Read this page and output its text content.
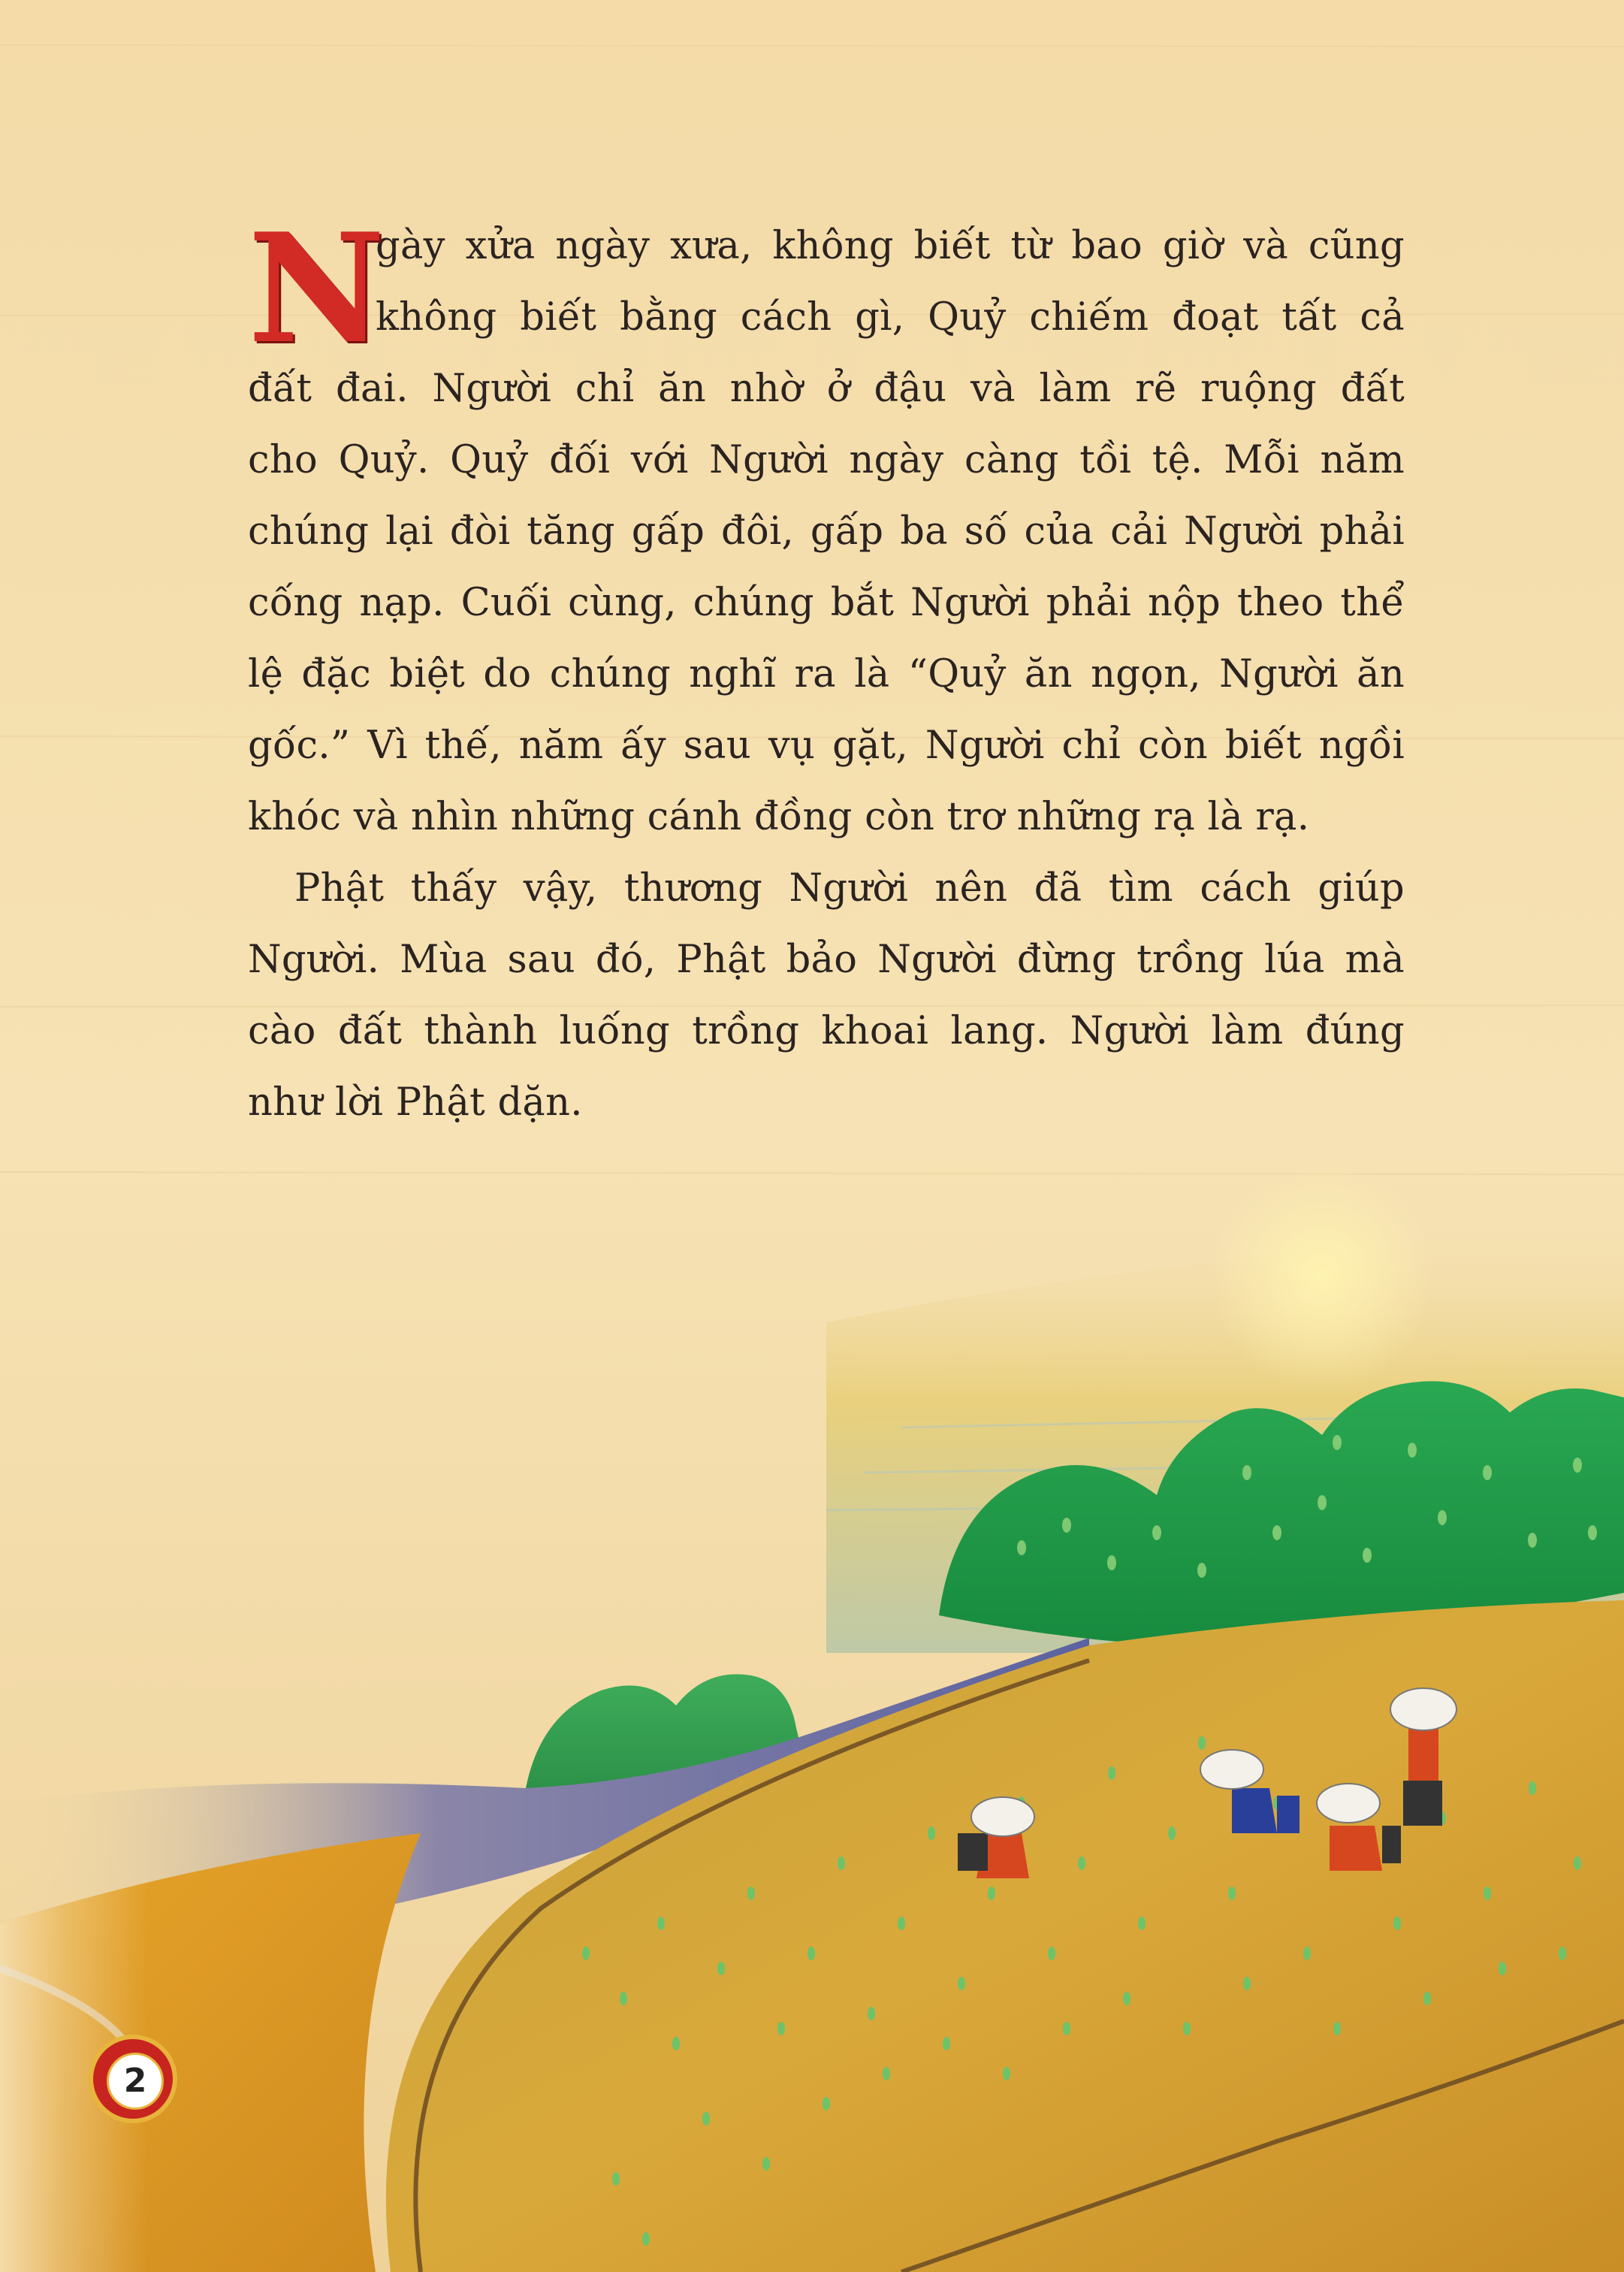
N
gày xửa ngày xưa, không biết từ bao giờ và cũng
không biết bằng cách gì, Quỷ chiếm đoạt tất cả
đất đai. Người chỉ ăn nhờ ở đậu và làm rẽ ruộng đất
cho Quỷ. Quỷ đối với Người ngày càng tồi tệ. Mỗi năm
chúng lại đòi tăng gấp đôi, gấp ba số của cải Người phải
cống nạp. Cuối cùng, chúng bắt Người phải nộp theo thể
lệ đặc biệt do chúng nghĩ ra là “Quỷ ăn ngọn, Người ăn
gốc.” Vì thế, năm ấy sau vụ gặt, Người chỉ còn biết ngồi
khóc và nhìn những cánh đồng còn trơ những rạ là rạ.
Phật thấy vậy, thương Người nên đã tìm cách giúp
Người. Mùa sau đó, Phật bảo Người đừng trồng lúa mà
cào đất thành luống trồng khoai lang. Người làm đúng
như lời Phật dặn.
2
